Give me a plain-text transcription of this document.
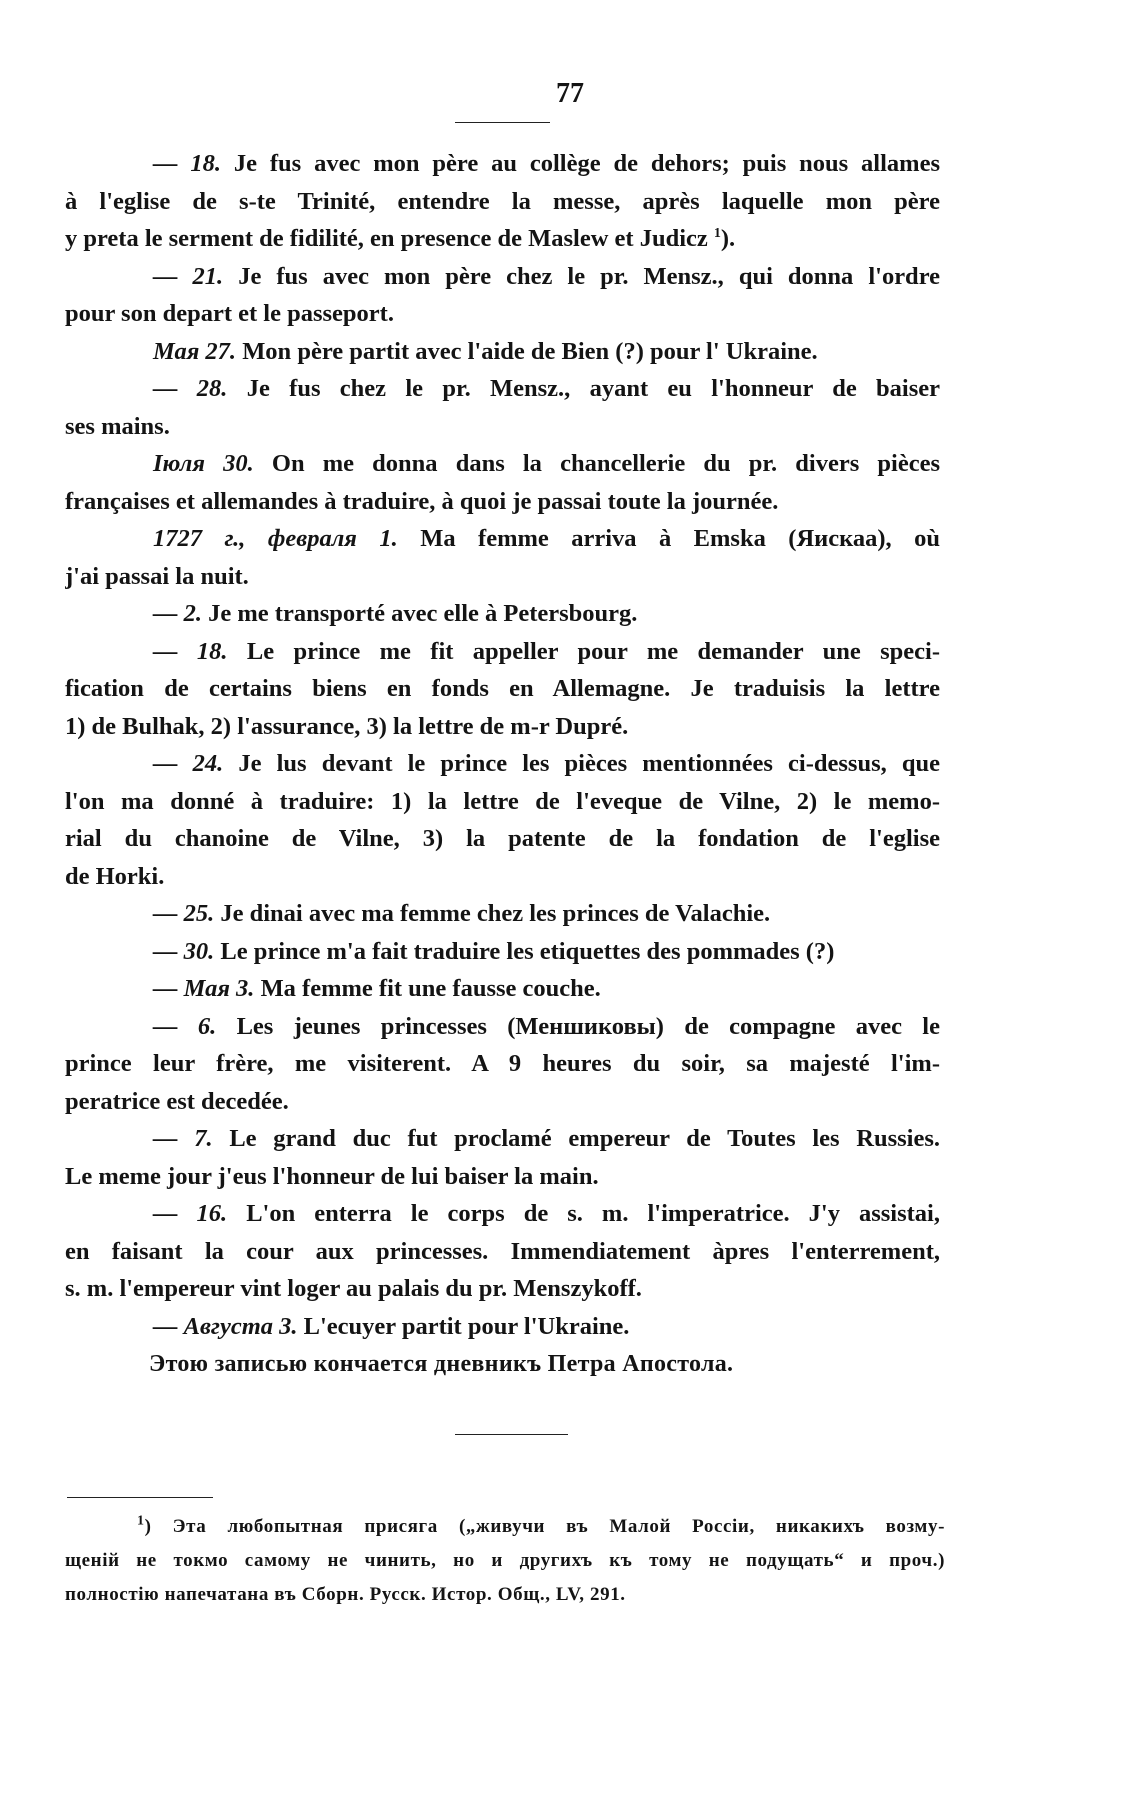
77
— 18. Je fus avec mon père au collège de dehors; puis nous allames
à l'eglise de s-te Trinité, entendre la messe, après laquelle mon père
y preta le serment de fidilité, en presence de Maslew et Judicz $^1$).
— 21. Je fus avec mon père chez le pr. Mensz., qui donna l'ordre
pour son depart et le passeport.
Мая 27. Mon père partit avec l'aide de Bien (?) pour l' Ukraine.
— 28. Je fus chez le pr. Mensz., ayant eu l'honneur de baiser
ses mains.
Іюля 30. On me donna dans la chancellerie du pr. divers pièces
françaises et allemandes à traduire, à quoi je passai toute la journée.
1727 г., февраля 1. Ma femme arriva à Emska (Яискаа), où
j'ai passai la nuit.
— 2. Je me transporté avec elle à Petersbourg.
— 18. Le prince me fit appeller pour me demander une speci-
fication de certains biens en fonds en Allemagne. Je traduisis la lettre
1) de Bulhak, 2) l'assurance, 3) la lettre de m-r Dupré.
— 24. Je lus devant le prince les pièces mentionnées ci-dessus, que
l'on ma donné à traduire: 1) la lettre de l'eveque de Vilne, 2) le memo-
rial du chanoine de Vilne, 3) la patente de la fondation de l'eglise
de Horki.
— 25. Je dinai avec ma femme chez les princes de Valachie.
— 30. Le prince m'a fait traduire les etiquettes des pommades (?)
— Мая 3. Ma femme fit une fausse couche.
— 6. Les jeunes princesses (Меншиковы) de compagne avec le
prince leur frère, me visiterent. A 9 heures du soir, sa majesté l'im-
peratrice est decedée.
— 7. Le grand duc fut proclamé empereur de Toutes les Russies.
Le meme jour j'eus l'honneur de lui baiser la main.
— 16. L'on enterra le corps de s. m. l'imperatrice. J'y assistai,
en faisant la cour aux princesses. Immendiatement àpres l'enterrement,
s. m. l'empereur vint loger au palais du pr. Menszykoff.
— Августа 3. L'ecuyer partit pour l'Ukraine.
Этою записью кончается дневникъ Петра Апостола.
$^1$) Эта любопытная присяга („живучи въ Малой Россіи, никакихъ возму-
щеній не токмо самому не чинить, но и другихъ къ тому не подущать“ и проч.)
полностію напечатана въ Сборн. Русск. Истор. Общ., LV, 291.
